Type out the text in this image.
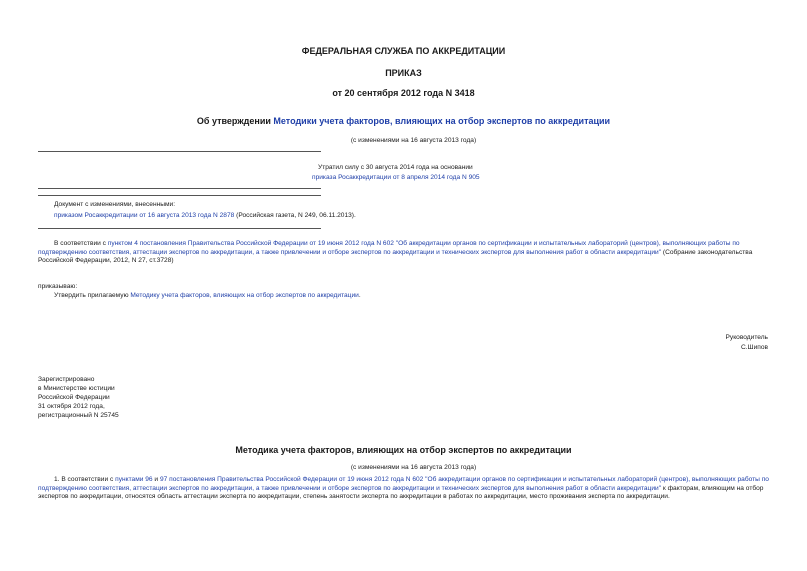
ФЕДЕРАЛЬНАЯ СЛУЖБА ПО АККРЕДИТАЦИИ
ПРИКАЗ
от 20 сентября 2012 года N 3418
Об утверждении Методики учета факторов, влияющих на отбор экспертов по аккредитации
(с изменениями на 16 августа 2013 года)
Утратил силу с 30 августа 2014 года на основании
приказа Росаккредитации от 8 апреля 2014 года N 905
Документ с изменениями, внесенными:
приказом Росаккредитации от 16 августа 2013 года N 2878 (Российская газета, N 249, 06.11.2013).
В соответствии с пунктом 4 постановления Правительства Российской Федерации от 19 июня 2012 года N 602 "Об аккредитации органов по сертификации и испытательных лабораторий (центров), выполняющих работы по подтверждению соответствия, аттестации экспертов по аккредитации, а также привлечении и отборе экспертов по аккредитации и технических экспертов для выполнения работ в области аккредитации" (Собрание законодательства Российской Федерации, 2012, N 27, ст.3728)
приказываю:
Утвердить прилагаемую Методику учета факторов, влияющих на отбор экспертов по аккредитации.
Руководитель
С.Шипов
Зарегистрировано
в Министерстве юстиции
Российской Федерации
31 октября 2012 года,
регистрационный N 25745
Методика учета факторов, влияющих на отбор экспертов по аккредитации
(с изменениями на 16 августа 2013 года)
1. В соответствии с пунктами 96 и 97 постановления Правительства Российской Федерации от 19 июня 2012 года N 602 "Об аккредитации органов по сертификации и испытательных лабораторий (центров), выполняющих работы по подтверждению соответствия, аттестации экспертов по аккредитации, а также привлечении и отборе экспертов по аккредитации и технических экспертов для выполнения работ в области аккредитации" к факторам, влияющим на отбор экспертов по аккредитации, относятся область аттестации эксперта по аккредитации, степень занятости эксперта по аккредитации в работах по аккредитации, место проживания эксперта по аккредитации.
